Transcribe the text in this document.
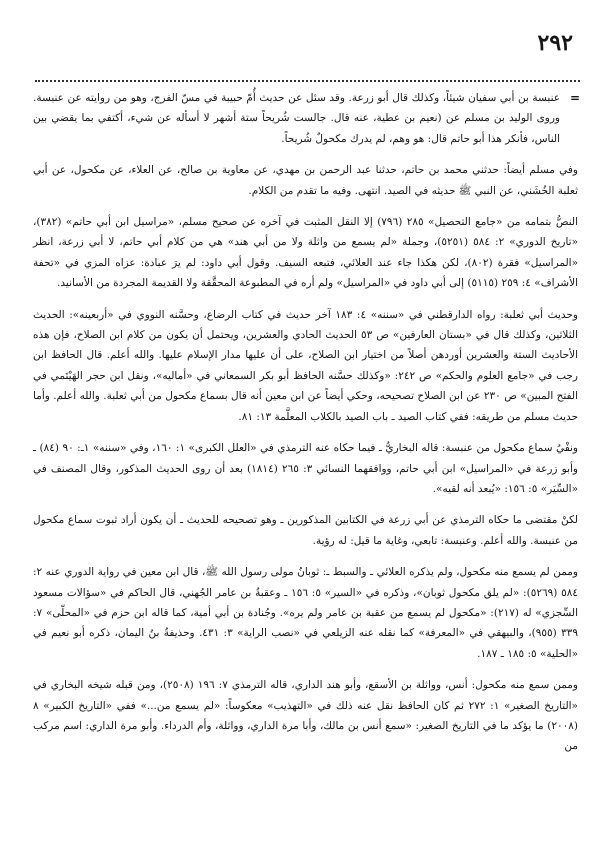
٢٩٢

=
عنبسة بن أبي سفيان شيئاً، وكذلك قال أبو زرعة. وقد سئل عن حديث أُمّ حبيبة في مسّ الفرج، وهو من روايته عن عنبسة. وروى الوليد بن مسلم عن (نعيم بن عطية، عنه قال. جالست شُريحاً ستة أشهر لا أسأله عن شيء، أكتفي بما يقضي بين الناس، فأنكر هذا أبو حاتم قال: هو وهم، لم يدرك مكحولٌ شُريحاً.

وفي مسلم أيضاً: حدثني محمد بن حاتم، حدثنا عبد الرحمن بن مهدي، عن معاوية بن صالح، عن العلاء، عن مكحول، عن أبي ثعلبة الخُشَني، عن النبي ﷺ حديثه في الصيد. انتهى. وفيه ما تقدم من الكلام.

النصُّ بتمامه من «جامع التحصيل» ٢٨٥ (٧٩٦) إلا النقل المثبت في آخره عن صحيح مسلم، «مراسيل ابن أبي حاتم» (٣٨٢)، «تاريخ الدوري» ٢: ٥٨٤ (٥٢٥١)، وجملة «لم يسمع من واثلة ولا من أبي هند» هي من كلام أبي حاتم، لا أبي زرعة، انظر «المراسيل» فقرة (٨٠٢)، لكن هكذا جاء عند العلائي، فتبعه السيف. وقول أبي داود: لم يرَ عبادة: عزاه المزي في «تحفة الأشراف» ٤: ٢٥٩ (٥١١٥) إلى أبي داود في «المراسيل» ولم أره في المطبوعة المحقَّقة ولا القديمة المجردة من الأسانيد.

وحديث أبي ثعلبة: رواه الدارقطني في «سننه» ٤: ١٨٣ آخر حديث في كتاب الرضاع، وحسَّنه النووي في «أربعينه»: الحديث الثلاثين، وكذلك قال في «بستان العارفين» ص ٥٣ الحديث الحادي والعشرين، ويحتمل أن يكون من كلام ابن الصلاح، فإن هذه الأحاديث الستة والعشرين أوردهن أصلاً من اختيار ابن الصلاح، على أن عليها مدار الإسلام عليها. والله أعلم. قال الحافظ ابن رجب في «جامع العلوم والحكم» ص ٢٤٢: «وكذلك حسَّنه الحافظ أبو بكر السمعاني في «أماليه»، ونقل ابن حجر الهَيْتَمي في الفتح المبين» ص ٢٣٠ عن ابن الصلاح تصحيحه، وحكي أيضاً عن ابن معين أنه قال بسماع مكحول من أبي ثعلبة. والله أعلم. وأما حديث مسلم من طريقه: ففي كتاب الصيد ـ باب الصيد بالكلاب المعلَّمة ١٣: ٨١.

ونفْيُ سماع مكحول من عنبسة: قاله البخاريُّ ـ فيما حكاه عنه الترمذي في «العلل الكبرى» ١: ١٦٠، وفي «سننه» ١ـ: ٩٠ (٨٤) ـ وأبو زرعة في «المراسيل» ابن أبي حاتم، ووافقهما النسائي ٣: ٢٦٥ (١٨١٤) بعد أن روى الحديث المذكور، وقال المصنف في «السِّيَر» ٥: ١٥٦: «يُبعد أنه لقيه».

لكنْ مقتضى ما حكاه الترمذي عن أبي زرعة في الكتابين المذكورين ـ وهو تصحيحه للحديث ـ أن يكون أراد ثبوت سماع مكحول من عنبسة. والله أعلم. وعنبسة: تابعي، وغاية ما قيل: له رؤية.

وممن لم يسمع منه مكحول، ولم يذكره العلائي ـ والسبط ـ: ثوبانُ مولى رسول الله ﷺ، قال ابن معين في رواية الدوري عنه ٢: ٥٨٤ (٥٢٦٩): «لم يلق مكحول ثوبان»، وذكره في «السير» ٥: ١٥٦ ـ وعقبةُ بن عامر الجُهني، قال الحاكم في «سؤالات مسعود السِّجزي» له (٢١٧): «مكحول لم يسمع من عقبة بن عامر ولم يره». وجُنادة بن أبي أمية، كما قاله ابن حزم في «المحلّى» ٧: ٣٣٩ (٩٥٥)، والبيهقي في «المعرفة» كما نقله عنه الزيلعي في «نصب الراية» ٣: ٤٣١. وحذيفةُ بنُ اليمان، ذكره أبو نعيم في «الحلية» ٥: ١٨٥ ـ ١٨٧.

وممن سمع منه مكحول: أنس، وواثلة بن الأسقع، وأبو هند الداري، قاله الترمذي ٧: ١٩٦ (٢٥٠٨)، ومن قبله شيخه البخاري في «التاريخ الصغير» ١: ٢٧٢ ثم كان الحافظ نقل عنه ذلك في «التهذيب» معكوساً: «لم يسمع من...» ففي «التاريخ الكبير» ٨ (٢٠٠٨) ما يؤكد ما في التاريخ الصغير: «سمع أنس بن مالك، وأبا مرة الداري، وواثلة، وأم الدرداء. وأبو مرة الداري: اسم مركب من
